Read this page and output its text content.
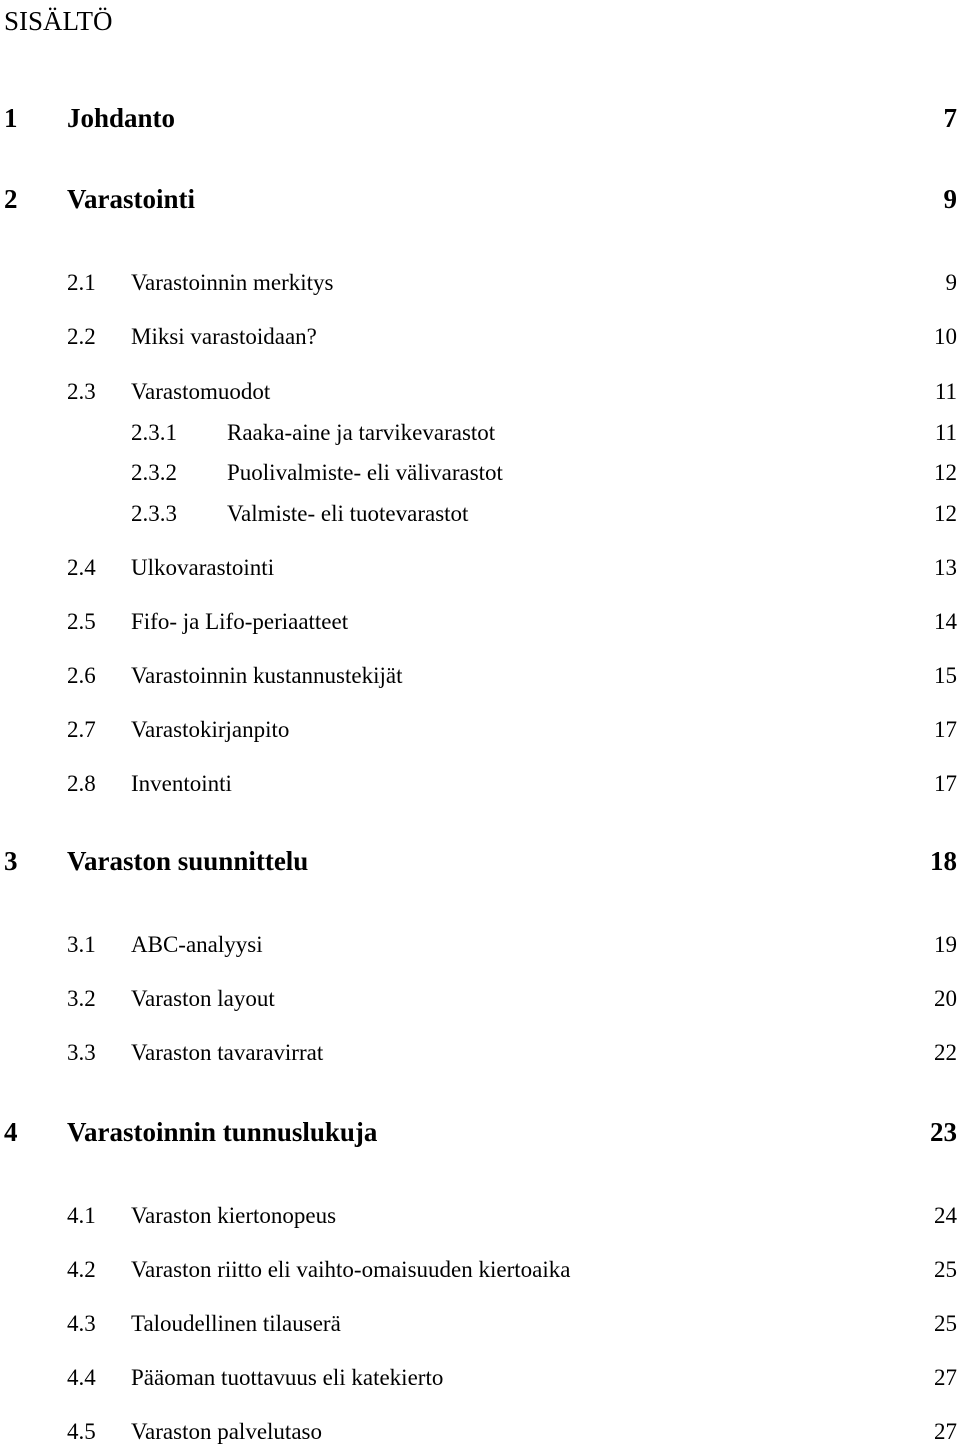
SISÄLTÖ
1 Johdanto	7
2 Varastointi	9
2.1 Varastoinnin merkitys	9
2.2 Miksi varastoidaan?	10
2.3 Varastomuodot	11
2.3.1 Raaka-aine ja tarvikevarastot	11
2.3.2 Puolivalmiste- eli välivarastot	12
2.3.3 Valmiste- eli tuotevarastot	12
2.4 Ulkovarastointi	13
2.5 Fifo- ja Lifo-periaatteet	14
2.6 Varastoinnin kustannustekijät	15
2.7 Varastokirjanpito	17
2.8 Inventointi	17
3 Varaston suunnittelu	18
3.1 ABC-analyysi	19
3.2 Varaston layout	20
3.3 Varaston tavaravirrat	22
4 Varastoinnin tunnuslukuja	23
4.1 Varaston kiertonopeus	24
4.2 Varaston riitto eli vaihto-omaisuuden kiertoaika	25
4.3 Taloudellinen tilauserä	25
4.4 Pääoman tuottavuus eli katekierto	27
4.5 Varaston palvelutaso	27
